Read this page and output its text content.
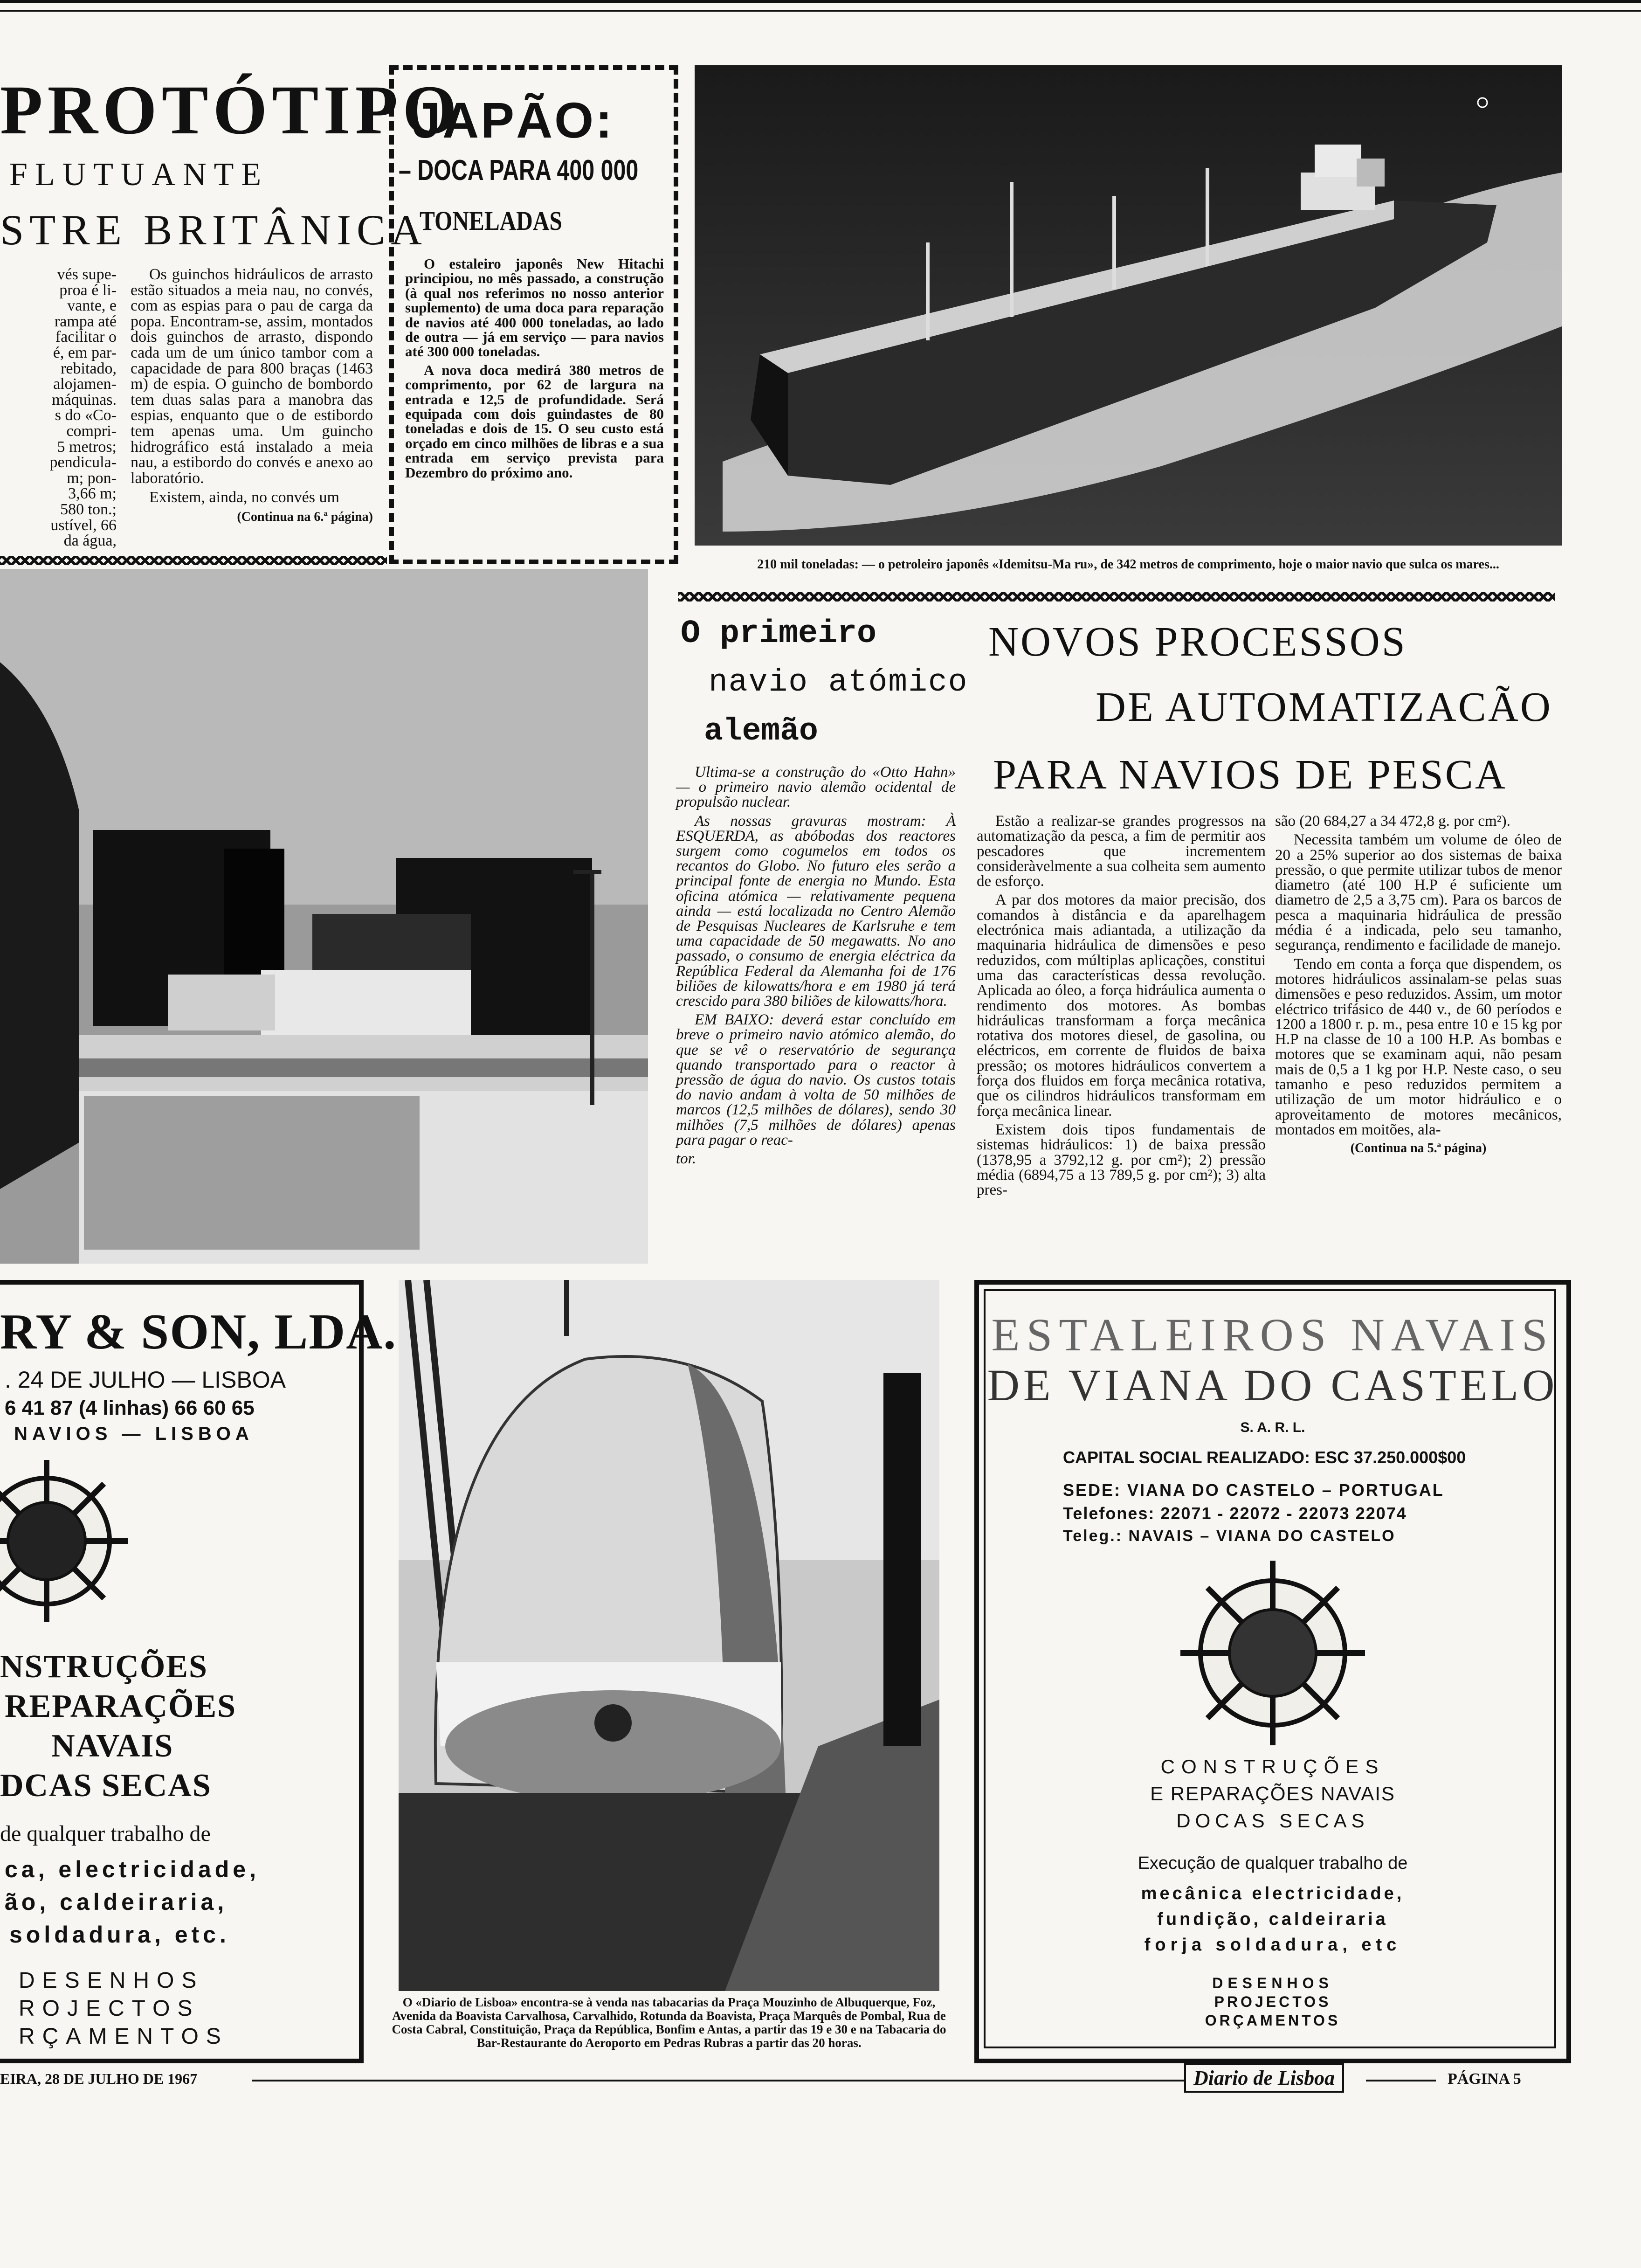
PROTÓTIPO
FLUTUANTE
STRE BRITÂNICA
vés supe-
proa é li-
vante, e
rampa até
facilitar o
é, em par-
rebitado,
alojamen-
máquinas.
s do «Co-
compri-
5 metros;
pendicula-
m; pon-
3,66 m;
580 ton.;
ustível, 66
da água,

Os guinchos hidráulicos de arrasto estão situados a meia nau, no convés, com as espias para o pau de carga da popa. Encontram-se, assim, montados dois guinchos de arrasto, dispondo cada um de um único tambor com a capacidade de para 800 braças (1463 m) de espia. O guincho de bombordo tem duas salas para a manobra das espias, enquanto que o de estibordo tem apenas uma. Um guincho hidrográfico está instalado a meia nau, a estibordo do convés e anexo ao laboratório.

Existem, ainda, no convés um

(Continua na 6.ª página)

JAPÃO:
– DOCA PARA 400 000
TONELADAS

O estaleiro japonês New Hitachi principiou, no mês passado, a construção (à qual nos referimos no nosso anterior suplemento) de uma doca para reparação de navios até 400 000 toneladas, ao lado de outra — já em serviço — para navios até 300 000 toneladas.

A nova doca medirá 380 metros de comprimento, por 62 de largura na entrada e 12,5 de profundidade. Será equipada com dois guindastes de 80 toneladas e dois de 15. O seu custo está orçado em cinco milhões de libras e a sua entrada em serviço prevista para Dezembro do próximo ano.

210 mil toneladas: — o petroleiro japonês «Idemitsu-Ma ru», de 342 metros de comprimento, hoje o maior navio que sulca os mares...
O primeiro
navio atómico
alemão

Ultima-se a construção do «Otto Hahn» — o primeiro navio alemão ocidental de propulsão nuclear.

As nossas gravuras mostram: À ESQUERDA, as abóbodas dos reactores surgem como cogumelos em todos os recantos do Globo. No futuro eles serão a principal fonte de energia no Mundo. Esta oficina atómica — relativamente pequena ainda — está localizada no Centro Alemão de Pesquisas Nucleares de Karlsruhe e tem uma capacidade de 50 megawatts. No ano passado, o consumo de energia eléctrica da República Federal da Alemanha foi de 176 biliões de kilowatts/hora e em 1980 já terá crescido para 380 biliões de kilowatts/hora.

EM BAIXO: deverá estar concluído em breve o primeiro navio atómico alemão, do que se vê o reservatório de segurança quando transportado para o reactor à pressão de água do navio. Os custos totais do navio andam à volta de 50 milhões de marcos (12,5 milhões de dólares), sendo 30 milhões (7,5 milhões de dólares) apenas para pagar o reac-

tor.

NOVOS PROCESSOS
DE AUTOMATIZACÃO
PARA NAVIOS DE PESCA

Estão a realizar-se grandes progressos na automatização da pesca, a fim de permitir aos pescadores que incrementem consideràvelmente a sua colheita sem aumento de esforço.

A par dos motores da maior precisão, dos comandos à distância e da aparelhagem electrónica mais adiantada, a utilização da maquinaria hidráulica de dimensões e peso reduzidos, com múltiplas aplicações, constitui uma das características dessa revolução. Aplicada ao óleo, a força hidráulica aumenta o rendimento dos motores. As bombas hidráulicas transformam a força mecânica rotativa dos motores diesel, de gasolina, ou eléctricos, em corrente de fluidos de baixa pressão; os motores hidráulicos convertem a força dos fluidos em força mecânica rotativa, que os cilindros hidráulicos transformam em força mecânica linear.

Existem dois tipos fundamentais de sistemas hidráulicos: 1) de baixa pressão (1378,95 a 3792,12 g. por cm²); 2) pressão média (6894,75 a 13 789,5 g. por cm²); 3) alta pres-

são (20 684,27 a 34 472,8 g. por cm²).

Necessita também um volume de óleo de 20 a 25% superior ao dos sistemas de baixa pressão, o que permite utilizar tubos de menor diametro (até 100 H.P é suficiente um diametro de 2,5 a 3,75 cm). Para os barcos de pesca a maquinaria hidráulica de pressão média é a indicada, pelo seu tamanho, segurança, rendimento e facilidade de manejo.

Tendo em conta a força que dispendem, os motores hidráulicos assinalam-se pelas suas dimensões e peso reduzidos. Assim, um motor eléctrico trifásico de 440 v., de 60 períodos e 1200 a 1800 r. p. m., pesa entre 10 e 15 kg por H.P na classe de 10 a 100 H.P. As bombas e motores que se examinam aqui, não pesam mais de 0,5 a 1 kg por H.P. Neste caso, o seu tamanho e peso reduzidos permitem a utilização de um motor hidráulico e o aproveitamento de motores mecânicos, montados em moitões, ala-

(Continua na 5.ª página)

RY & SON, LDA.
. 24 DE JULHO — LISBOA
6 41 87 (4 linhas) 66 60 65
NAVIOS — LISBOA
NSTRUÇÕES
REPARAÇÕES
NAVAIS
DCAS SECAS
de qualquer trabalho de
ca, electricidade,
ão, caldeiraria,
soldadura, etc.
DESENHOS
ROJECTOS
RÇAMENTOS
O «Diario de Lisboa» encontra-se à venda nas tabacarias da Praça Mouzinho de Albuquerque, Foz, Avenida da Boavista Carvalhosa, Carvalhido, Rotunda da Boavista, Praça Marquês de Pombal, Rua de Costa Cabral, Constituição, Praça da República, Bonfim e Antas, a partir das 19 e 30 e na Tabacaria do Bar-Restaurante do Aeroporto em Pedras Rubras a partir das 20 horas.
ESTALEIROS NAVAIS
DE VIANA DO CASTELO
S. A. R. L.
CAPITAL SOCIAL REALIZADO: ESC 37.250.000$00
SEDE: VIANA DO CASTELO – PORTUGAL
Telefones: 22071 - 22072 - 22073 22074
Teleg.: NAVAIS – VIANA DO CASTELO
CONSTRUÇÕES
E REPARAÇÕES NAVAIS
DOCAS SECAS
Execução de qualquer trabalho de
mecânica electricidade,
fundição, caldeiraria
forja soldadura, etc
DESENHOS
PROJECTOS
ORÇAMENTOS
EIRA, 28 DE JULHO DE 1967	Diario de Lisboa	PÁGINA 5
